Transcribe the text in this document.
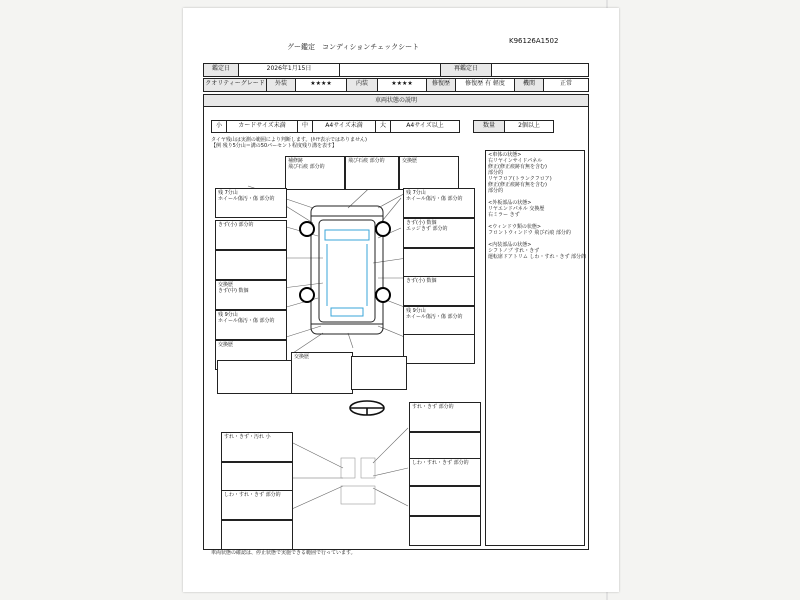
グー鑑定　コンディションチェックシート
K96126A1502
鑑定日	2026年1月15日	再鑑定日
クオリティーグレード	外装	★★★★	内装	★★★★	修復歴	修復歴 有 軽度	機関	正常
車両状態の説明
小	カードサイズ未満	中	A4サイズ未満	大	A4サイズ以上	数量	2個以上
タイヤ残山は実測の範囲により判断します。(ﾀｲﾔ表示ではありません)
【例 残り5分山＝溝の50パーセント程度残り溝を表す】
補修跡
飛び石痕 部分的
飛び石痕 部分的	交換歴
残 7分山
ホイール傷汚・傷 部分的
きず(小) 部分的
交換歴
きず(中) 数個
残 9分山
ホイール傷汚・傷 部分的
交換歴
残 7分山
ホイール傷汚・傷 部分的
きず(小) 数個
エッジきず 部分的
きず(小) 数個
残 9分山
ホイール傷汚・傷 部分的
交換歴
すれ・きず 部分的
すれ・きず・汚れ 小
しわ・すれ・きず 部分的
しわ・すれ・きず 部分的
<車体の状態>
右リヤインサイドパネル
修正(修正痕跡有無を含む)
部分的
リヤフロア(トランクフロア)
修正(修正痕跡有無を含む)
部分的

<外板部品の状態>
リヤエンドパネル 交換歴
右ミラー きず

<ウィンドウ類の状態>
フロントウィンドウ 飛び石痕 部分的

<内装部品の状態>
シフトノブ すれ・きず
運転席ドアトリム しわ・すれ・きず 部分的
車両状態の確認は、停止状態で実施できる範囲で行っています。
